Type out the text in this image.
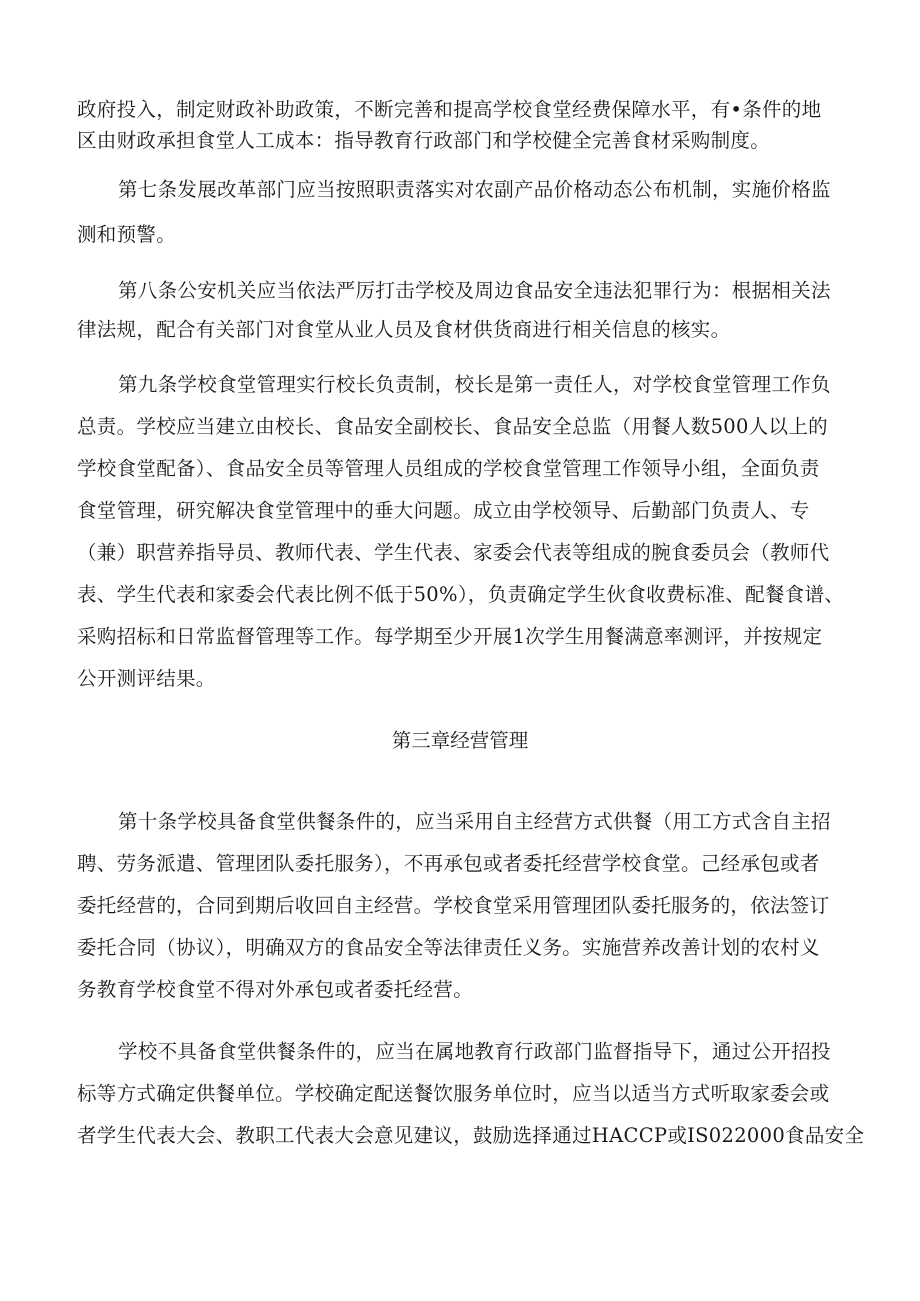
政府投入，制定财政补助政策，不断完善和提高学校食堂经费保障水平，有•条件的地
区由财政承担食堂人工成本：指导教育行政部门和学校健全完善食材采购制度。
第七条发展改革部门应当按照职责落实对农副产品价格动态公布机制，实施价格监
测和预警。
第八条公安机关应当依法严厉打击学校及周边食品安全违法犯罪行为：根据相关法
律法规，配合有关部门对食堂从业人员及食材供货商进行相关信息的核实。
第九条学校食堂管理实行校长负责制，校长是第一责任人，对学校食堂管理工作负
总责。学校应当建立由校长、食品安全副校长、食品安全总监（用餐人数500人以上的
学校食堂配备）、食品安全员等管理人员组成的学校食堂管理工作领导小组，全面负责
食堂管理，研究解决食堂管理中的垂大问题。成立由学校领导、后勤部门负责人、专
（兼）职营养指导员、教师代表、学生代表、家委会代表等组成的腕食委员会（教师代
表、学生代表和家委会代表比例不低于50%），负责确定学生伙食收费标准、配餐食谱、
采购招标和日常监督管理等工作。每学期至少开展1次学生用餐满意率测评，并按规定
公开测评结果。
第三章经营管理
第十条学校具备食堂供餐条件的，应当采用自主经营方式供餐（用工方式含自主招
聘、劳务派遣、管理团队委托服务），不再承包或者委托经营学校食堂。己经承包或者
委托经营的，合同到期后收回自主经营。学校食堂采用管理团队委托服务的，依法签订
委托合同（协议），明确双方的食品安全等法律责任义务。实施营养改善计划的农村义
务教育学校食堂不得对外承包或者委托经营。
学校不具备食堂供餐条件的，应当在属地教育行政部门监督指导下，通过公开招投
标等方式确定供餐单位。学校确定配送餐饮服务单位时，应当以适当方式听取家委会或
者学生代表大会、教职工代表大会意见建议，鼓励选择通过HACCP或IS022000食品安全
